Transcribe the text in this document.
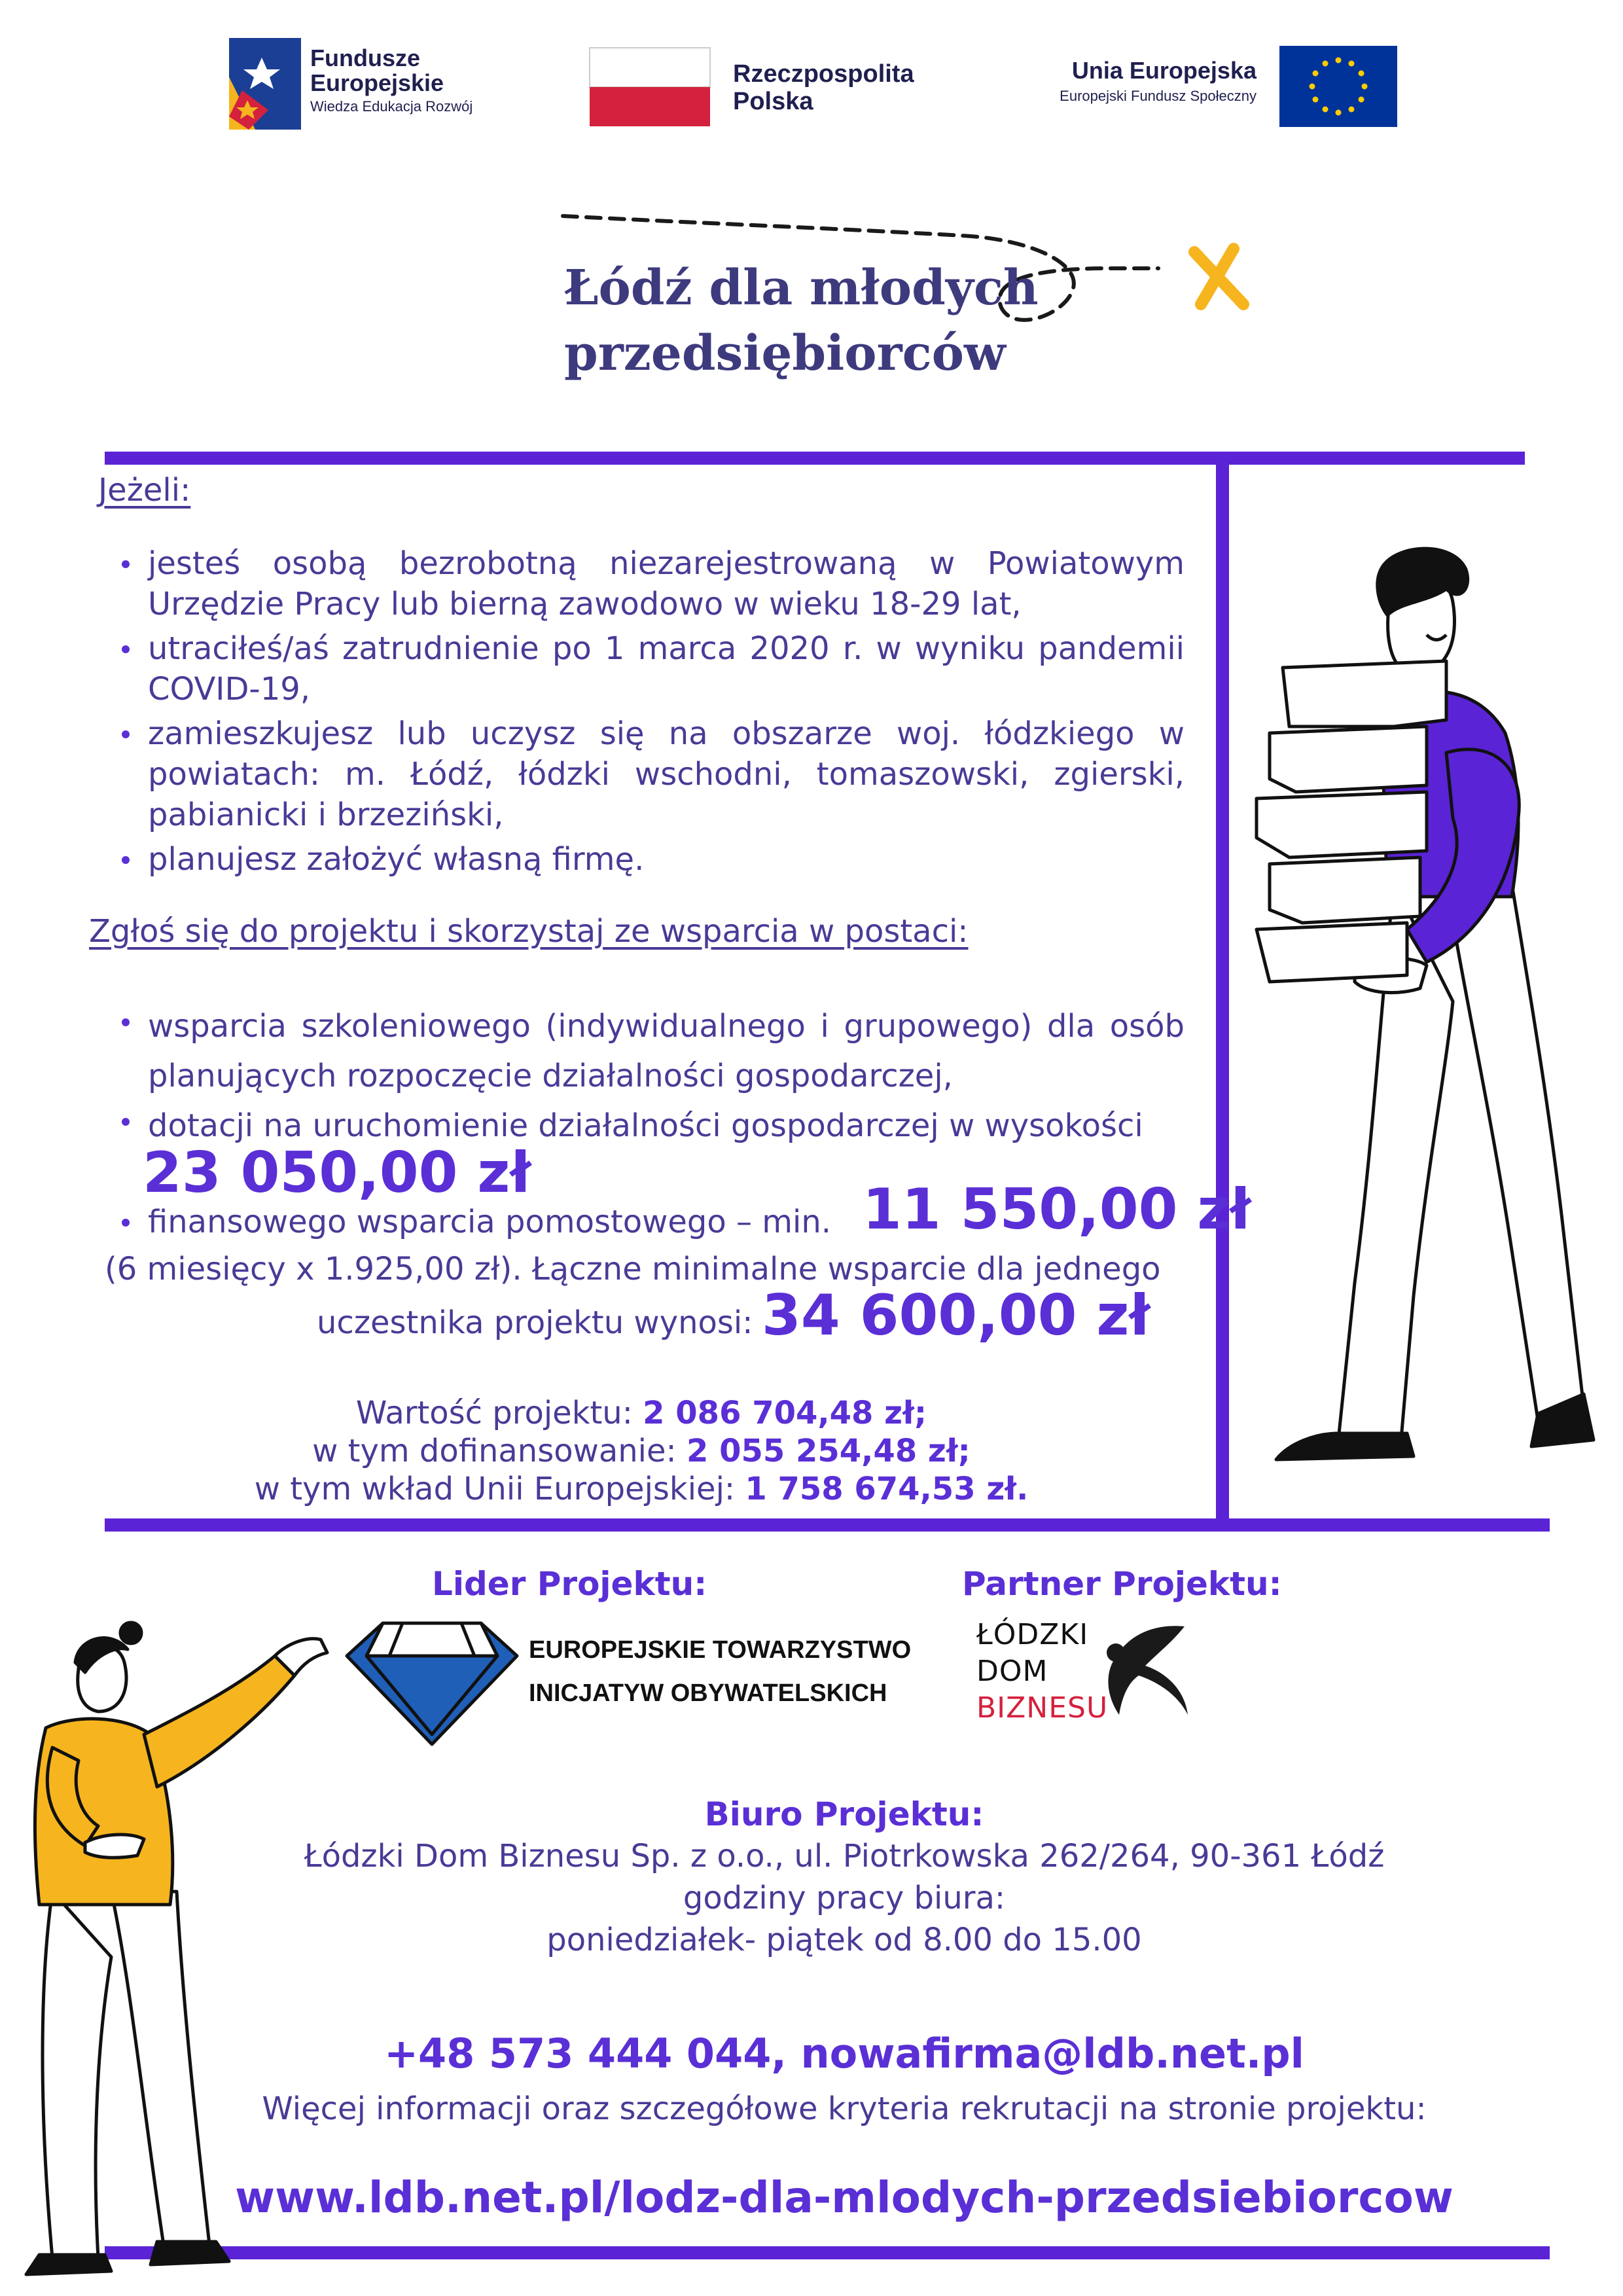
Fundusze
Europejskie
Wiedza Edukacja Rozwój
Rzeczpospolita
Polska
Unia Europejska
Europejski Fundusz Społeczny
Łódź dla młodych
przedsiębiorców
Jeżeli:
jesteś osobą bezrobotną niezarejestrowaną w Powiatowym Urzędzie Pracy lub bierną zawodowo w wieku 18-29 lat,
utraciłeś/aś zatrudnienie po 1 marca 2020 r. w wyniku pandemii COVID-19,
zamieszkujesz lub uczysz się na obszarze woj. łódzkiego w powiatach: m. Łódź, łódzki wschodni, tomaszowski, zgierski, pabianicki i brzeziński,
planujesz założyć własną firmę.
Zgłoś się do projektu i skorzystaj ze wsparcia w postaci:
wsparcia szkoleniowego (indywidualnego i grupowego) dla osób planujących rozpoczęcie działalności gospodarczej,
dotacji na uruchomienie działalności gospodarczej w wysokości
23 050,00 zł
finansowego wsparcia pomostowego – min. 11 550,00 zł
(6 miesięcy x 1.925,00 zł). Łączne minimalne wsparcie dla jednego
uczestnika projektu wynosi: 34 600,00 zł
Wartość projektu: 2 086 704,48 zł;
w tym dofinansowanie: 2 055 254,48 zł;
w tym wkład Unii Europejskiej: 1 758 674,53 zł.
Lider Projektu:	Partner Projektu:
EUROPEJSKIE TOWARZYSTWO
INICJATYW OBYWATELSKICH
ŁÓDZKI
DOM
BIZNESU
Biuro Projektu:
Łódzki Dom Biznesu Sp. z o.o., ul. Piotrkowska 262/264, 90-361 Łódź
godziny pracy biura:
poniedziałek- piątek od 8.00 do 15.00
+48 573 444 044, nowafirma@ldb.net.pl
Więcej informacji oraz szczegółowe kryteria rekrutacji na stronie projektu:
www.ldb.net.pl/lodz-dla-mlodych-przedsiebiorcow
